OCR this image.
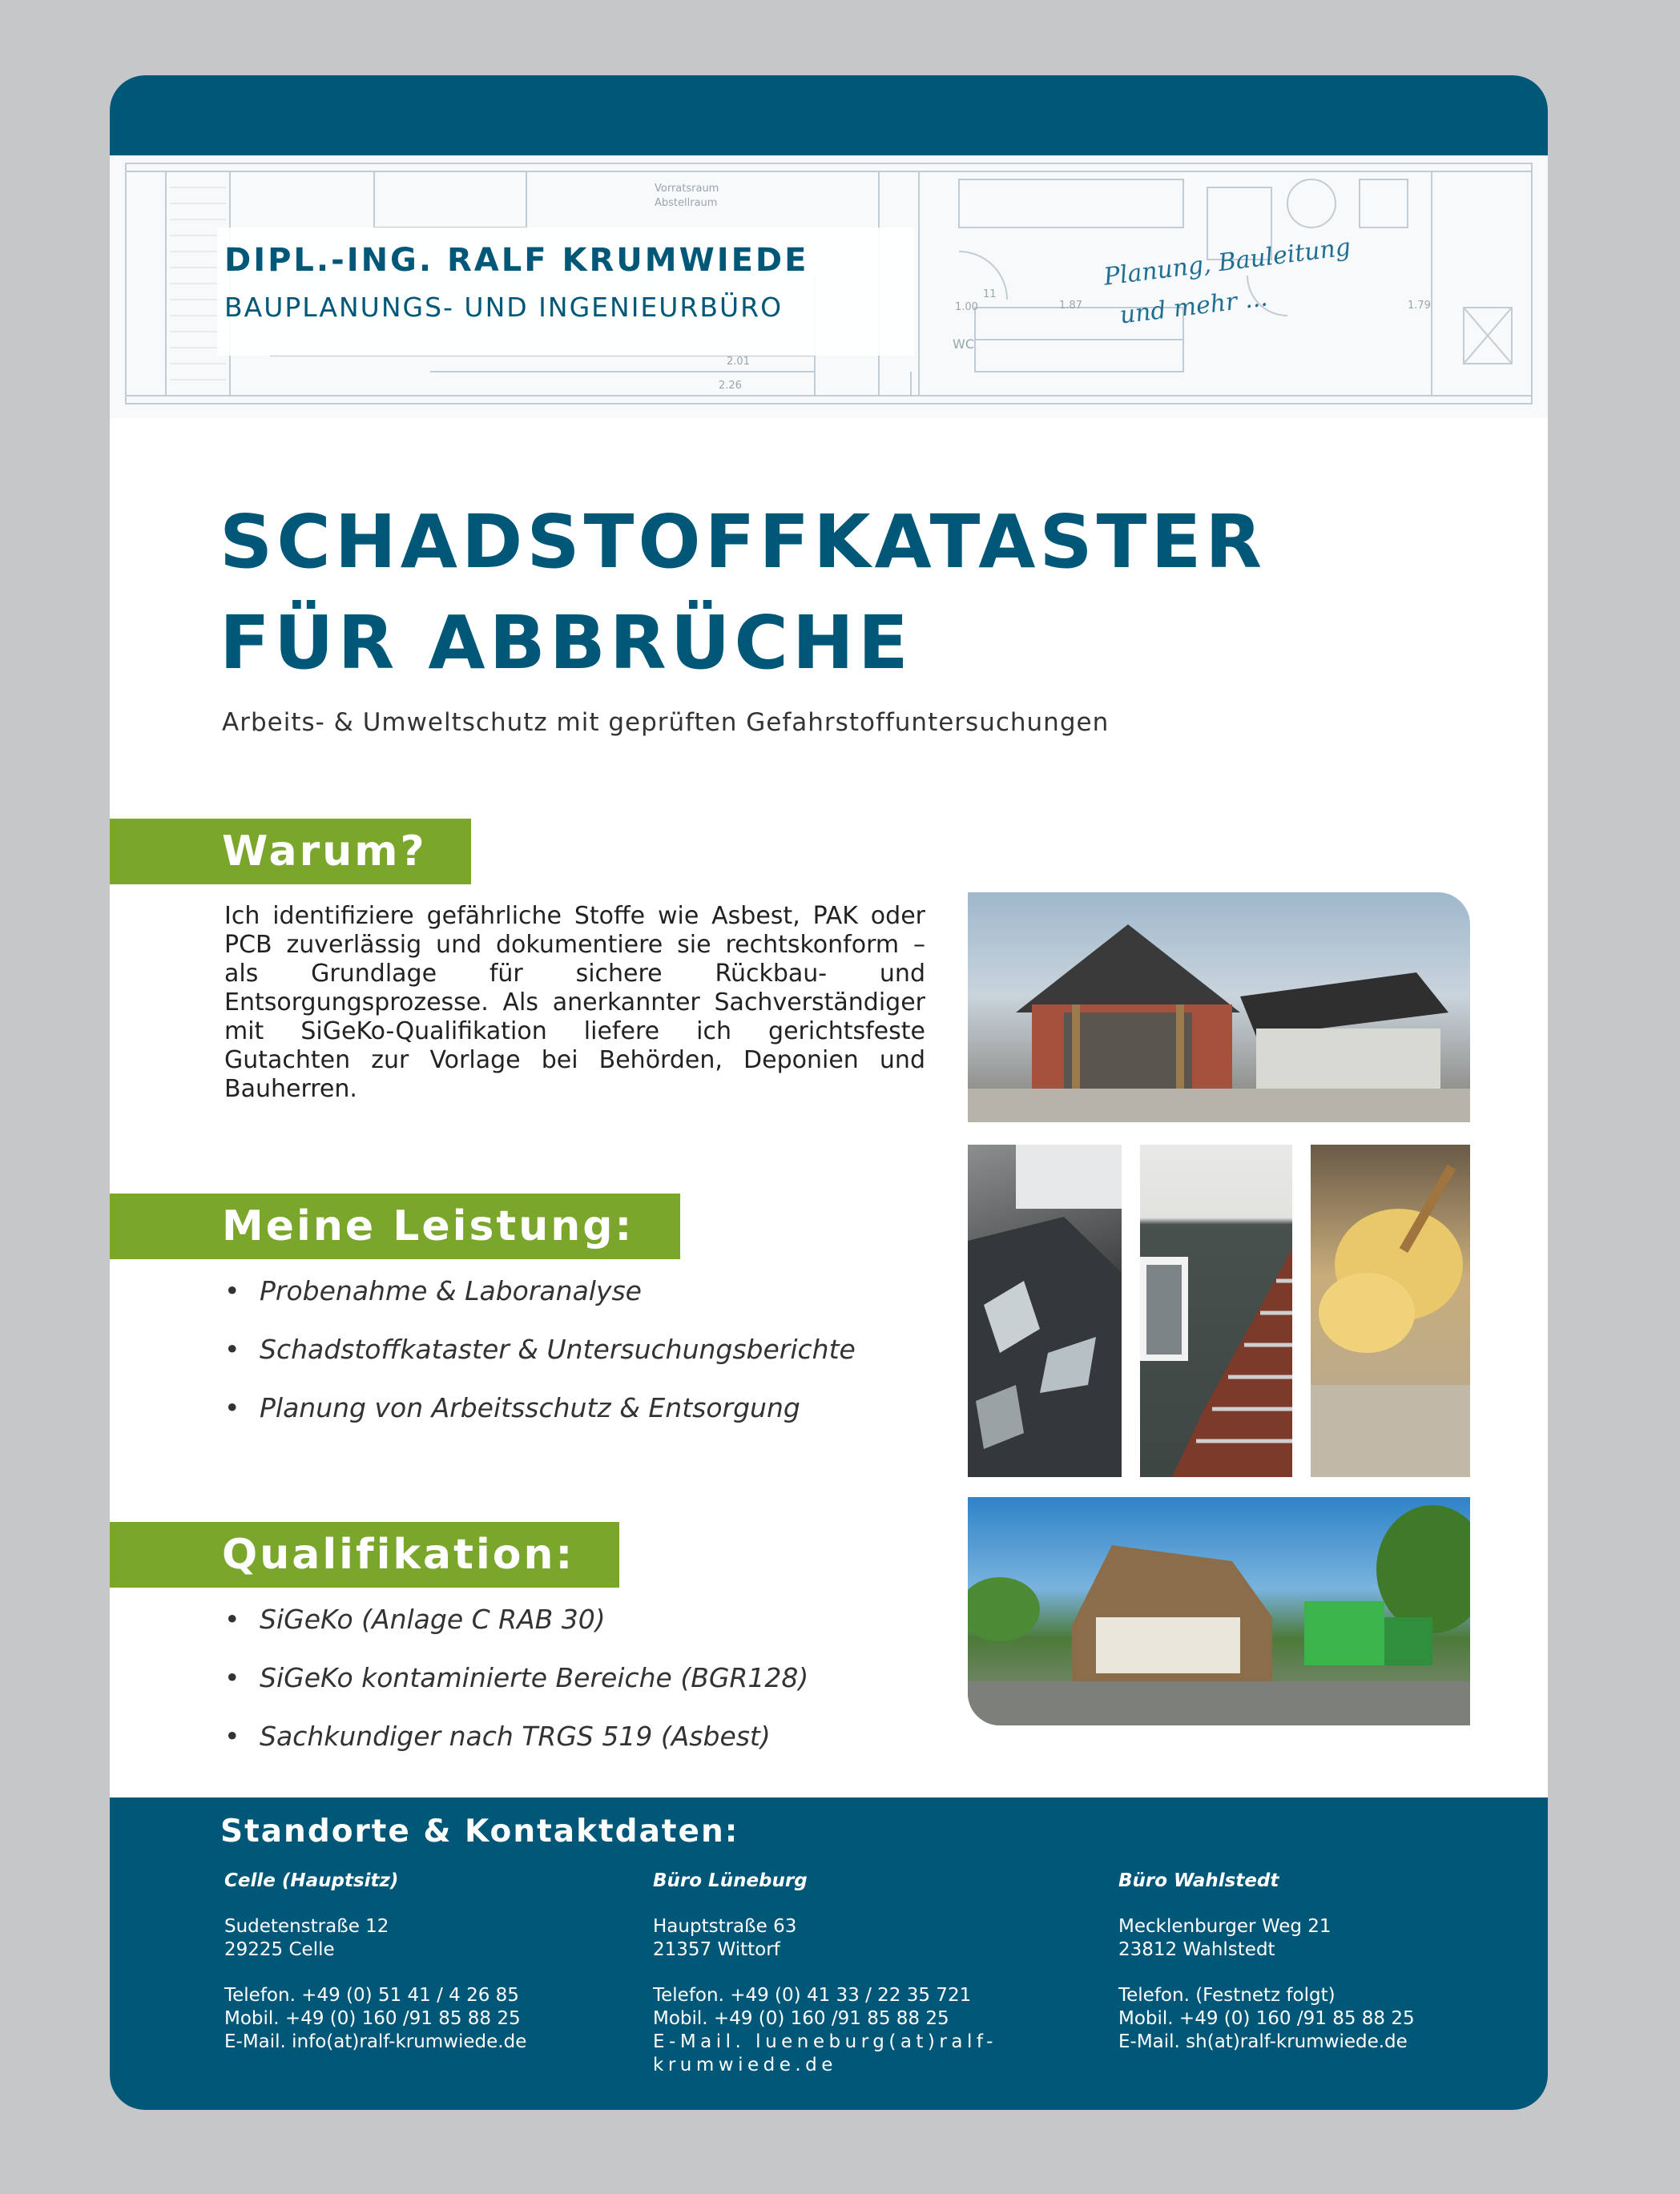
DIPL.-ING. RALF KRUMWIEDE
BAUPLANUNGS- UND INGENIEURBÜRO
Planung, Bauleitung
und mehr ...
SCHADSTOFFKATASTER
FÜR ABBRÜCHE
Arbeits- & Umweltschutz mit geprüften Gefahrstoffuntersuchungen
Warum?
Ich identifiziere gefährliche Stoffe wie Asbest, PAK oder PCB zuverlässig und dokumentiere sie rechtskonform – als Grundlage für sichere Rückbau- und Entsorgungsprozesse. Als anerkannter Sachverständiger mit SiGeKo-Qualifikation liefere ich gerichtsfeste Gutachten zur Vorlage bei Behörden, Deponien und Bauherren.
Meine Leistung:
• Probenahme & Laboranalyse
• Schadstoffkataster & Untersuchungsberichte
• Planung von Arbeitsschutz & Entsorgung
Qualifikation:
• SiGeKo (Anlage C RAB 30)
• SiGeKo kontaminierte Bereiche (BGR128)
• Sachkundiger nach TRGS 519 (Asbest)
Standorte & Kontaktdaten:
Celle (Hauptsitz)
Sudetenstraße 12
29225 Celle
Telefon. +49 (0) 51 41 / 4 26 85
Mobil. +49 (0) 160 /91 85 88 25
E-Mail. info(at)ralf-krumwiede.de
Büro Lüneburg
Hauptstraße 63
21357 Wittorf
Telefon. +49 (0) 41 33 / 22 35 721
Mobil. +49 (0) 160 /91 85 88 25
E-Mail. lueneburg(at)ralf-krumwiede.de
Büro Wahlstedt
Mecklenburger Weg 21
23812 Wahlstedt
Telefon. (Festnetz folgt)
Mobil. +49 (0) 160 /91 85 88 25
E-Mail. sh(at)ralf-krumwiede.de
Vorratsraum
Abstellraum
WC
2.01
2.26
1.00	1.87	1.79
11
